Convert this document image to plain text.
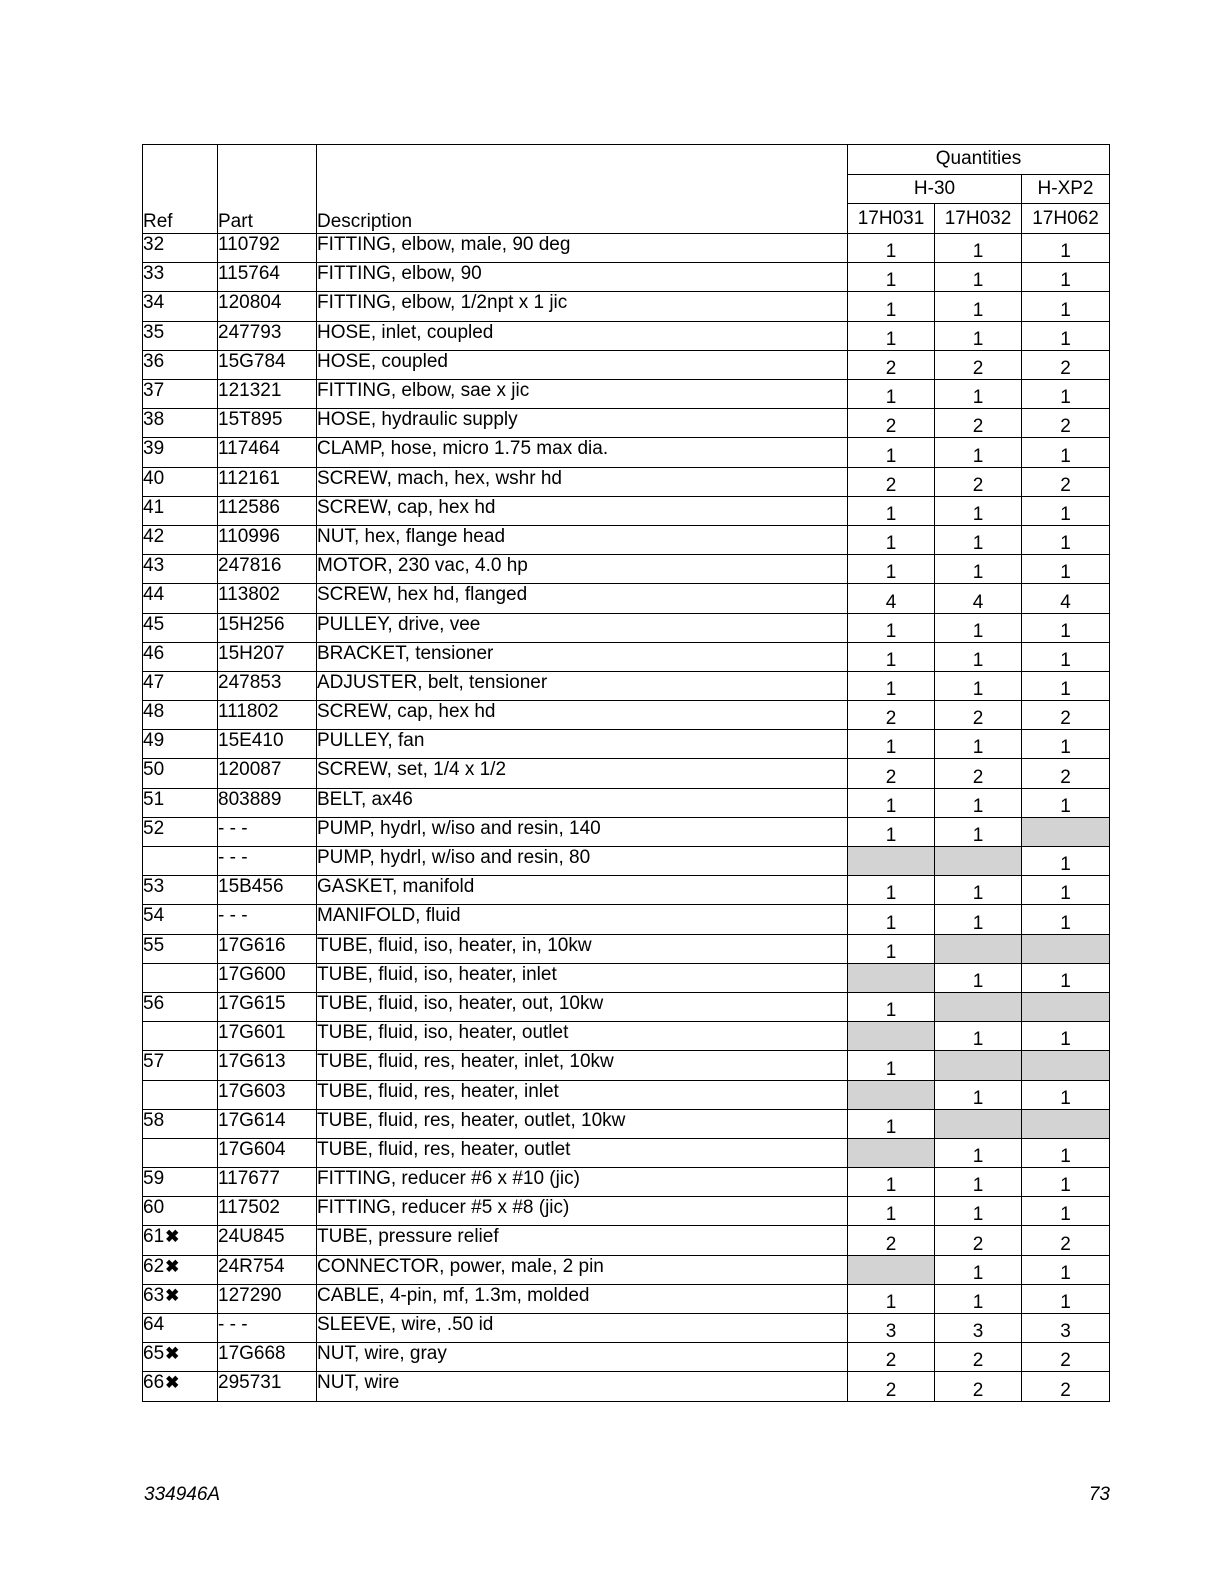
Ref	Part	Description	Quantities		
			H-30		H-XP2
			17H031	17H032	17H062
32	110792	FITTING, elbow, male, 90 deg	1	1	1
33	115764	FITTING, elbow, 90	1	1	1
34	120804	FITTING, elbow, 1/2npt x 1 jic	1	1	1
35	247793	HOSE, inlet, coupled	1	1	1
36	15G784	HOSE, coupled	2	2	2
37	121321	FITTING, elbow, sae x jic	1	1	1
38	15T895	HOSE, hydraulic supply	2	2	2
39	117464	CLAMP, hose, micro 1.75 max dia.	1	1	1
40	112161	SCREW, mach, hex, wshr hd	2	2	2
41	112586	SCREW, cap, hex hd	1	1	1
42	110996	NUT, hex, flange head	1	1	1
43	247816	MOTOR, 230 vac, 4.0 hp	1	1	1
44	113802	SCREW, hex hd, flanged	4	4	4
45	15H256	PULLEY, drive, vee	1	1	1
46	15H207	BRACKET, tensioner	1	1	1
47	247853	ADJUSTER, belt, tensioner	1	1	1
48	111802	SCREW, cap, hex hd	2	2	2
49	15E410	PULLEY, fan	1	1	1
50	120087	SCREW, set, 1/4 x 1/2	2	2	2
51	803889	BELT, ax46	1	1	1
52	- - -	PUMP, hydrl, w/iso and resin, 140	1	1	
	- - -	PUMP, hydrl, w/iso and resin, 80			1
53	15B456	GASKET, manifold	1	1	1
54	- - -	MANIFOLD, fluid	1	1	1
55	17G616	TUBE, fluid, iso, heater, in, 10kw	1		
	17G600	TUBE, fluid, iso, heater, inlet		1	1
56	17G615	TUBE, fluid, iso, heater, out, 10kw	1		
	17G601	TUBE, fluid, iso, heater, outlet		1	1
57	17G613	TUBE, fluid, res, heater, inlet, 10kw	1		
	17G603	TUBE, fluid, res, heater, inlet		1	1
58	17G614	TUBE, fluid, res, heater, outlet, 10kw	1		
	17G604	TUBE, fluid, res, heater, outlet		1	1
59	117677	FITTING, reducer #6 x #10 (jic)	1	1	1
60	117502	FITTING, reducer #5 x #8 (jic)	1	1	1
61✖	24U845	TUBE, pressure relief	2	2	2
62✖	24R754	CONNECTOR, power, male, 2 pin		1	1
63✖	127290	CABLE, 4-pin, mf, 1.3m, molded	1	1	1
64	- - -	SLEEVE, wire, .50 id	3	3	3
65✖	17G668	NUT, wire, gray	2	2	2
66✖	295731	NUT, wire	2	2	2
334946A	73
